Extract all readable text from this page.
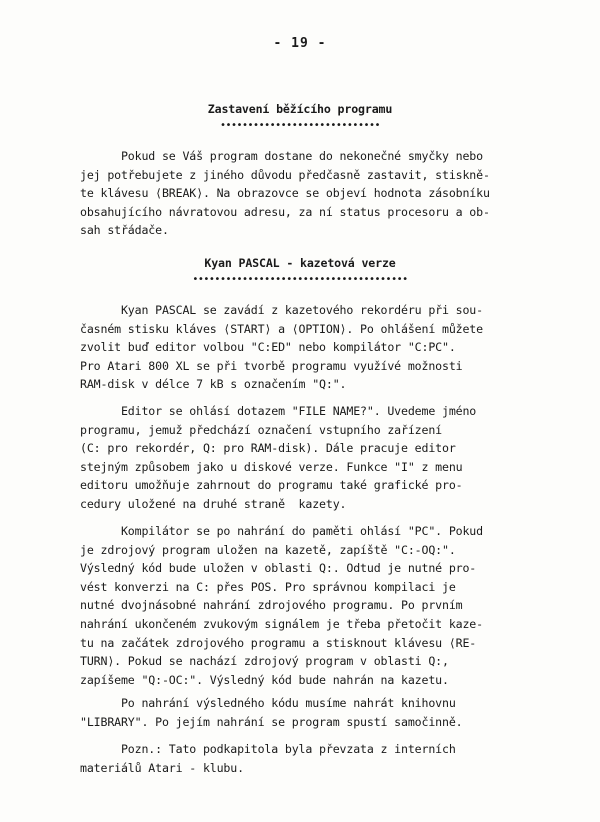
- 19 -
Zastavení běžícího programu
•••••••••••••••••••••••••••••
Pokud se Váš program dostane do nekonečné smyčky nebo
jej potřebujete z jiného důvodu předčasně zastavit, stiskně-
te klávesu ⟨BREAK⟩. Na obrazovce se objeví hodnota zásobníku
obsahujícího návratovou adresu, za ní status procesoru a ob-
sah střádače.
Kyan PASCAL - kazetová verze
•••••••••••••••••••••••••••••••••••••••
Kyan PASCAL se zavádí z kazetového rekordéru při sou-
časném stisku kláves ⟨START⟩ a ⟨OPTION⟩. Po ohlášení můžete
zvolit buď editor volbou "C:ED" nebo kompilátor "C:PC".
Pro Atari 800 XL se při tvorbě programu využívé možnosti
RAM-disk v délce 7 kB s označením "Q:".
Editor se ohlásí dotazem "FILE NAME?". Uvedeme jméno
programu, jemuž předchází označení vstupního zařízení
(C: pro rekordér, Q: pro RAM-disk). Dále pracuje editor
stejným způsobem jako u diskové verze. Funkce "I" z menu
editoru umožňuje zahrnout do programu také grafické pro-
cedury uložené na druhé straně  kazety.
Kompilátor se po nahrání do paměti ohlásí "PC". Pokud
je zdrojový program uložen na kazetě, zapíště "C:-OQ:".
Výsledný kód bude uložen v oblasti Q:. Odtud je nutné pro-
vést konverzi na C: přes POS. Pro správnou kompilaci je
nutné dvojnásobné nahrání zdrojového programu. Po prvním
nahrání ukončeném zvukovým signálem je třeba přetočit kaze-
tu na začátek zdrojového programu a stisknout klávesu ⟨RE-
TURN⟩. Pokud se nachází zdrojový program v oblasti Q:,
zapíšeme "Q:-OC:". Výsledný kód bude nahrán na kazetu.
Po nahrání výsledného kódu musíme nahrát knihovnu
"LIBRARY". Po jejím nahrání se program spustí samočinně.
Pozn.: Tato podkapitola byla převzata z interních
materiálů Atari - klubu.
